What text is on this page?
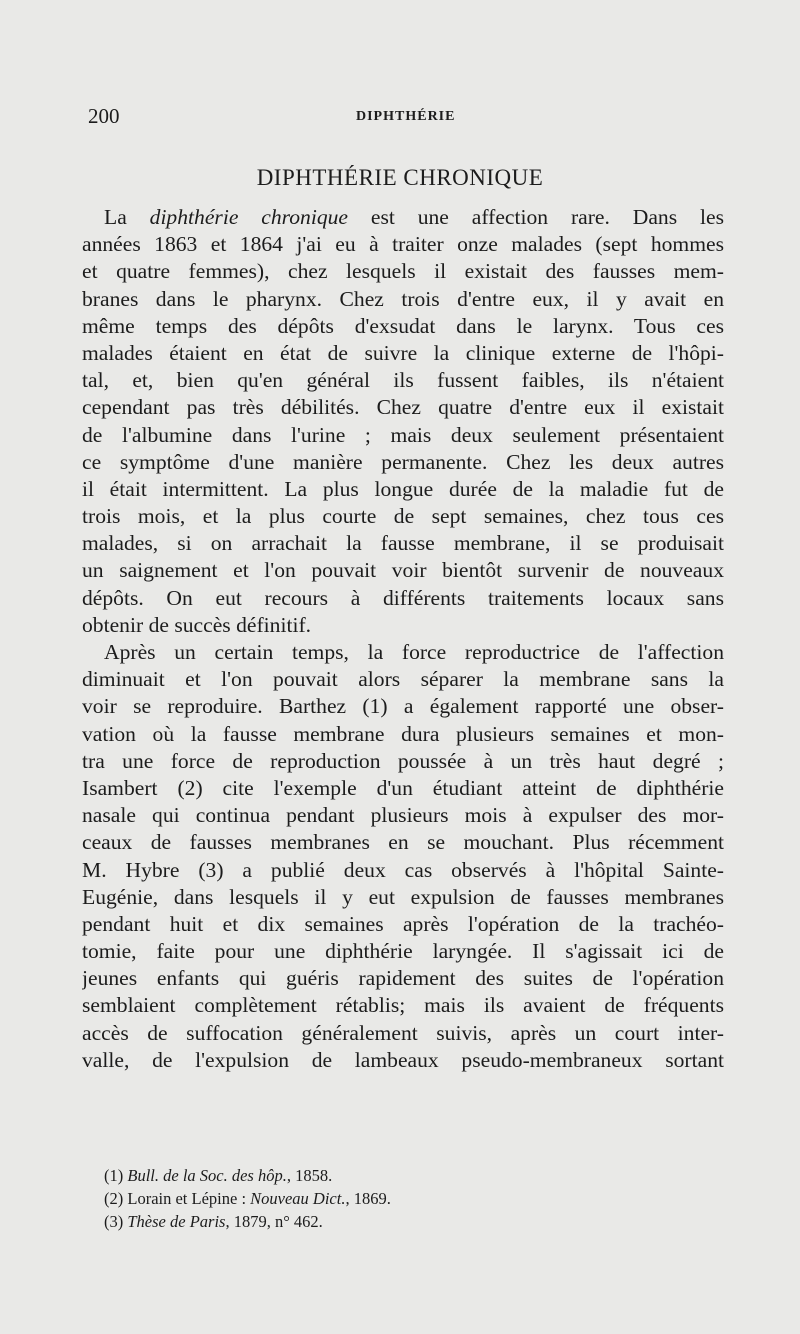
200	DIPHTHÉRIE
DIPHTHÉRIE CHRONIQUE
La diphthérie chronique est une affection rare. Dans les
années 1863 et 1864 j'ai eu à traiter onze malades (sept hommes
et quatre femmes), chez lesquels il existait des fausses mem-
branes dans le pharynx. Chez trois d'entre eux, il y avait en
même temps des dépôts d'exsudat dans le larynx. Tous ces
malades étaient en état de suivre la clinique externe de l'hôpi-
tal, et, bien qu'en général ils fussent faibles, ils n'étaient
cependant pas très débilités. Chez quatre d'entre eux il existait
de l'albumine dans l'urine ; mais deux seulement présentaient
ce symptôme d'une manière permanente. Chez les deux autres
il était intermittent. La plus longue durée de la maladie fut de
trois mois, et la plus courte de sept semaines, chez tous ces
malades, si on arrachait la fausse membrane, il se produisait
un saignement et l'on pouvait voir bientôt survenir de nouveaux
dépôts. On eut recours à différents traitements locaux sans
obtenir de succès définitif.
Après un certain temps, la force reproductrice de l'affection
diminuait et l'on pouvait alors séparer la membrane sans la
voir se reproduire. Barthez (1) a également rapporté une obser-
vation où la fausse membrane dura plusieurs semaines et mon-
tra une force de reproduction poussée à un très haut degré ;
Isambert (2) cite l'exemple d'un étudiant atteint de diphthérie
nasale qui continua pendant plusieurs mois à expulser des mor-
ceaux de fausses membranes en se mouchant. Plus récemment
M. Hybre (3) a publié deux cas observés à l'hôpital Sainte-
Eugénie, dans lesquels il y eut expulsion de fausses membranes
pendant huit et dix semaines après l'opération de la trachéo-
tomie, faite pour une diphthérie laryngée. Il s'agissait ici de
jeunes enfants qui guéris rapidement des suites de l'opération
semblaient complètement rétablis; mais ils avaient de fréquents
accès de suffocation généralement suivis, après un court inter-
valle, de l'expulsion de lambeaux pseudo-membraneux sortant
(1) Bull. de la Soc. des hôp., 1858.
(2) Lorain et Lépine : Nouveau Dict., 1869.
(3) Thèse de Paris, 1879, n° 462.
